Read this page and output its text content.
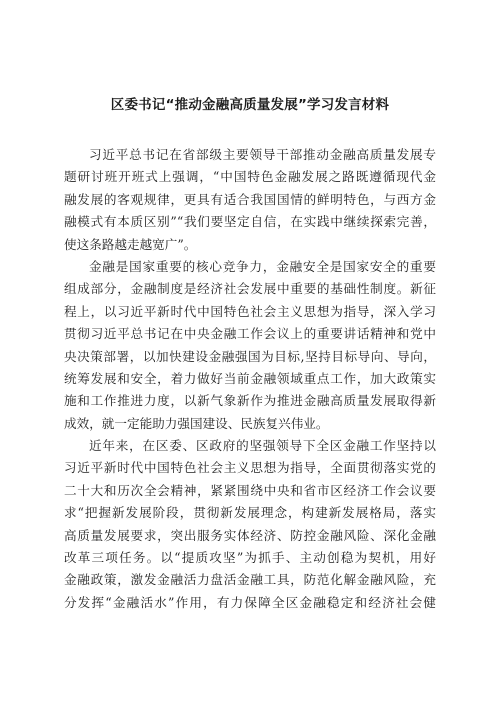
区委书记“推动金融高质量发展”学习发言材料
习近平总书记在省部级主要领导干部推动金融高质量发展专
题研讨班开班式上强调，“中国特色金融发展之路既遵循现代金
融发展的客观规律，更具有适合我国国情的鲜明特色，与西方金
融模式有本质区别”“我们要坚定自信，在实践中继续探索完善，
使这条路越走越宽广”。
金融是国家重要的核心竞争力，金融安全是国家安全的重要
组成部分，金融制度是经济社会发展中重要的基础性制度。新征
程上，以习近平新时代中国特色社会主义思想为指导，深入学习
贯彻习近平总书记在中央金融工作会议上的重要讲话精神和党中
央决策部署，以加快建设金融强国为目标,坚持目标导向、导向，
统筹发展和安全，着力做好当前金融领域重点工作，加大政策实
施和工作推进力度，以新气象新作为推进金融高质量发展取得新
成效，就一定能助力强国建设、民族复兴伟业。
近年来，在区委、区政府的坚强领导下全区金融工作坚持以
习近平新时代中国特色社会主义思想为指导，全面贯彻落实党的
二十大和历次全会精神，紧紧围绕中央和省市区经济工作会议要
求“把握新发展阶段，贯彻新发展理念，构建新发展格局，落实
高质量发展要求，突出服务实体经济、防控金融风险、深化金融
改革三项任务。以“提质攻坚”为抓手、主动创稳为契机，用好
金融政策，激发金融活力盘活金融工具，防范化解金融风险，充
分发挥“金融活水”作用，有力保障全区金融稳定和经济社会健
